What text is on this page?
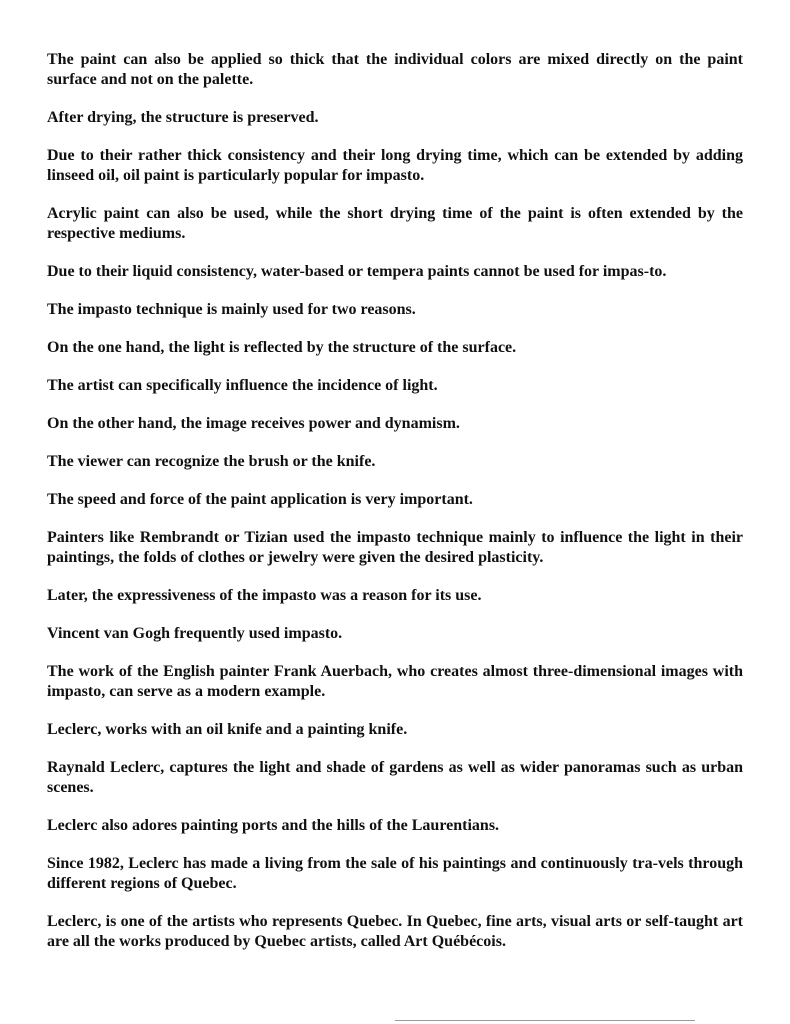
The paint can also be applied so thick that the individual colors are mixed directly on the paint surface and not on the palette.

After drying, the structure is preserved.

Due to their rather thick consistency and their long drying time, which can be extended by adding linseed oil, oil paint is particularly popular for impasto.

Acrylic paint can also be used, while the short drying time of the paint is often extended by the respective mediums.

Due to their liquid consistency, water-based or tempera paints cannot be used for impas-to.

The impasto technique is mainly used for two reasons.

On the one hand, the light is reflected by the structure of the surface.

The artist can specifically influence the incidence of light.

On the other hand, the image receives power and dynamism.

The viewer can recognize the brush or the knife.

The speed and force of the paint application is very important.

Painters like Rembrandt or Tizian used the impasto technique mainly to influence the light in their paintings, the folds of clothes or jewelry were given the desired plasticity.

Later, the expressiveness of the impasto was a reason for its use.

Vincent van Gogh frequently used impasto.

The work of the English painter Frank Auerbach, who creates almost three-dimensional images with impasto, can serve as a modern example.

Leclerc, works with an oil knife and a painting knife.

Raynald Leclerc, captures the light and shade of gardens as well as wider panoramas such as urban scenes.

Leclerc also adores painting ports and the hills of the Laurentians.

Since 1982, Leclerc has made a living from the sale of his paintings and continuously tra-vels through different regions of Quebec.

Leclerc, is one of the artists who represents Quebec. In Quebec, fine arts, visual arts or self-taught art are all the works produced by Quebec artists, called Art Québécois.
